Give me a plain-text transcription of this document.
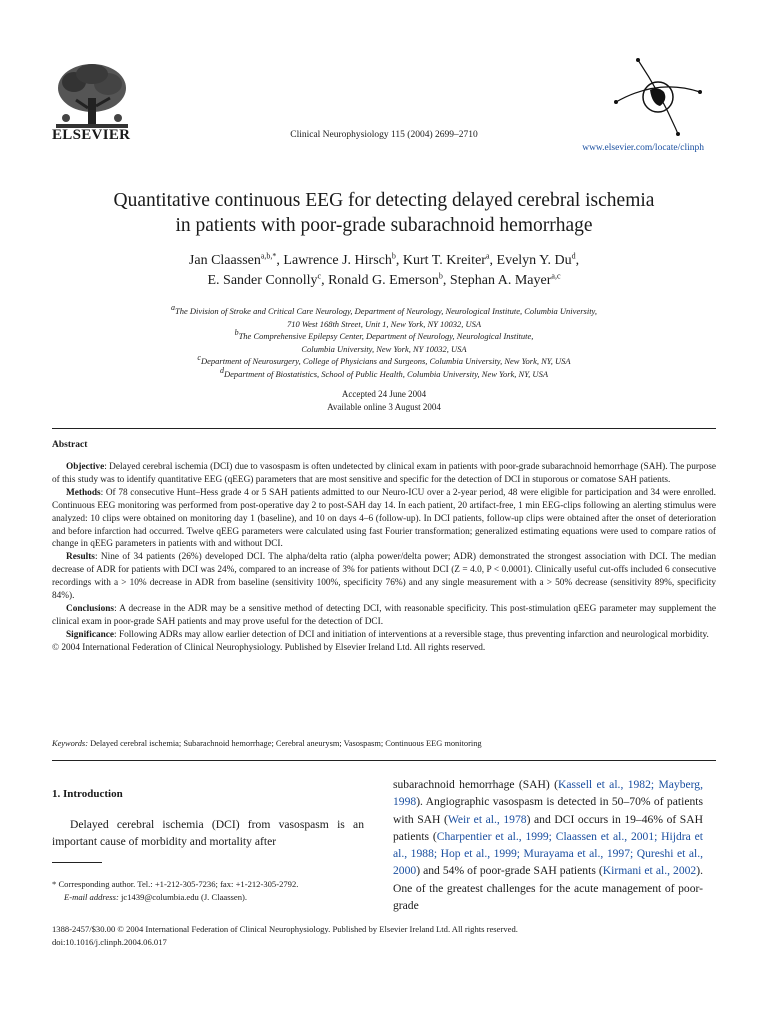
ELSEVIER	Clinical Neurophysiology 115 (2004) 2699–2710
www.elsevier.com/locate/clinph
Quantitative continuous EEG for detecting delayed cerebral ischemia
in patients with poor-grade subarachnoid hemorrhage
Jan Claassen$^{a,b,*}$, Lawrence J. Hirsch$^b$, Kurt T. Kreiter$^a$, Evelyn Y. Du$^d$,
E. Sander Connolly$^c$, Ronald G. Emerson$^b$, Stephan A. Mayer$^{a,c}$
$^a$The Division of Stroke and Critical Care Neurology, Department of Neurology, Neurological Institute, Columbia University,
710 West 168th Street, Unit 1, New York, NY 10032, USA
$^b$The Comprehensive Epilepsy Center, Department of Neurology, Neurological Institute,
Columbia University, New York, NY 10032, USA
$^c$Department of Neurosurgery, College of Physicians and Surgeons, Columbia University, New York, NY, USA
$^d$Department of Biostatistics, School of Public Health, Columbia University, New York, NY, USA
Accepted 24 June 2004
Available online 3 August 2004
Abstract

Objective: Delayed cerebral ischemia (DCI) due to vasospasm is often undetected by clinical exam in patients with poor-grade subarachnoid hemorrhage (SAH). The purpose of this study was to identify quantitative EEG (qEEG) parameters that are most sensitive and specific for the detection of DCI in stuporous or comatose SAH patients.

Methods: Of 78 consecutive Hunt–Hess grade 4 or 5 SAH patients admitted to our Neuro-ICU over a 2-year period, 48 were eligible for participation and 34 were enrolled. Continuous EEG monitoring was performed from post-operative day 2 to post-SAH day 14. In each patient, 20 artifact-free, 1 min EEG-clips following an alerting stimulus were analyzed: 10 clips were obtained on monitoring day 1 (baseline), and 10 on days 4–6 (follow-up). In DCI patients, follow-up clips were obtained after the onset of deterioration and before infarction had occurred. Twelve qEEG parameters were calculated using fast Fourier transformation; generalized estimating equations were used to compare ratios of change in qEEG parameters in patients with and without DCI.

Results: Nine of 34 patients (26%) developed DCI. The alpha/delta ratio (alpha power/delta power; ADR) demonstrated the strongest association with DCI. The median decrease of ADR for patients with DCI was 24%, compared to an increase of 3% for patients without DCI (Z = 4.0, P < 0.0001). Clinically useful cut-offs included 6 consecutive recordings with a > 10% decrease in ADR from baseline (sensitivity 100%, specificity 76%) and any single measurement with a > 50% decrease (sensitivity 89%, specificity 84%).

Conclusions: A decrease in the ADR may be a sensitive method of detecting DCI, with reasonable specificity. This post-stimulation qEEG parameter may supplement the clinical exam in poor-grade SAH patients and may prove useful for the detection of DCI.

Significance: Following ADRs may allow earlier detection of DCI and initiation of interventions at a reversible stage, thus preventing infarction and neurological morbidity.

© 2004 International Federation of Clinical Neurophysiology. Published by Elsevier Ireland Ltd. All rights reserved.

Keywords: Delayed cerebral ischemia; Subarachnoid hemorrhage; Cerebral aneurysm; Vasospasm; Continuous EEG monitoring
1. Introduction

Delayed cerebral ischemia (DCI) from vasospasm is an important cause of morbidity and mortality after

* Corresponding author. Tel.: +1-212-305-7236; fax: +1-212-305-2792.

E-mail address: jc1439@columbia.edu (J. Claassen).

subarachnoid hemorrhage (SAH) (Kassell et al., 1982; Mayberg, 1998). Angiographic vasospasm is detected in 50–70% of patients with SAH (Weir et al., 1978) and DCI occurs in 19–46% of SAH patients (Charpentier et al., 1999; Claassen et al., 2001; Hijdra et al., 1988; Hop et al., 1999; Murayama et al., 1997; Qureshi et al., 2000) and 54% of poor-grade SAH patients (Kirmani et al., 2002). One of the greatest challenges for the acute management of poor-grade
1388-2457/$30.00 © 2004 International Federation of Clinical Neurophysiology. Published by Elsevier Ireland Ltd. All rights reserved.
doi:10.1016/j.clinph.2004.06.017
